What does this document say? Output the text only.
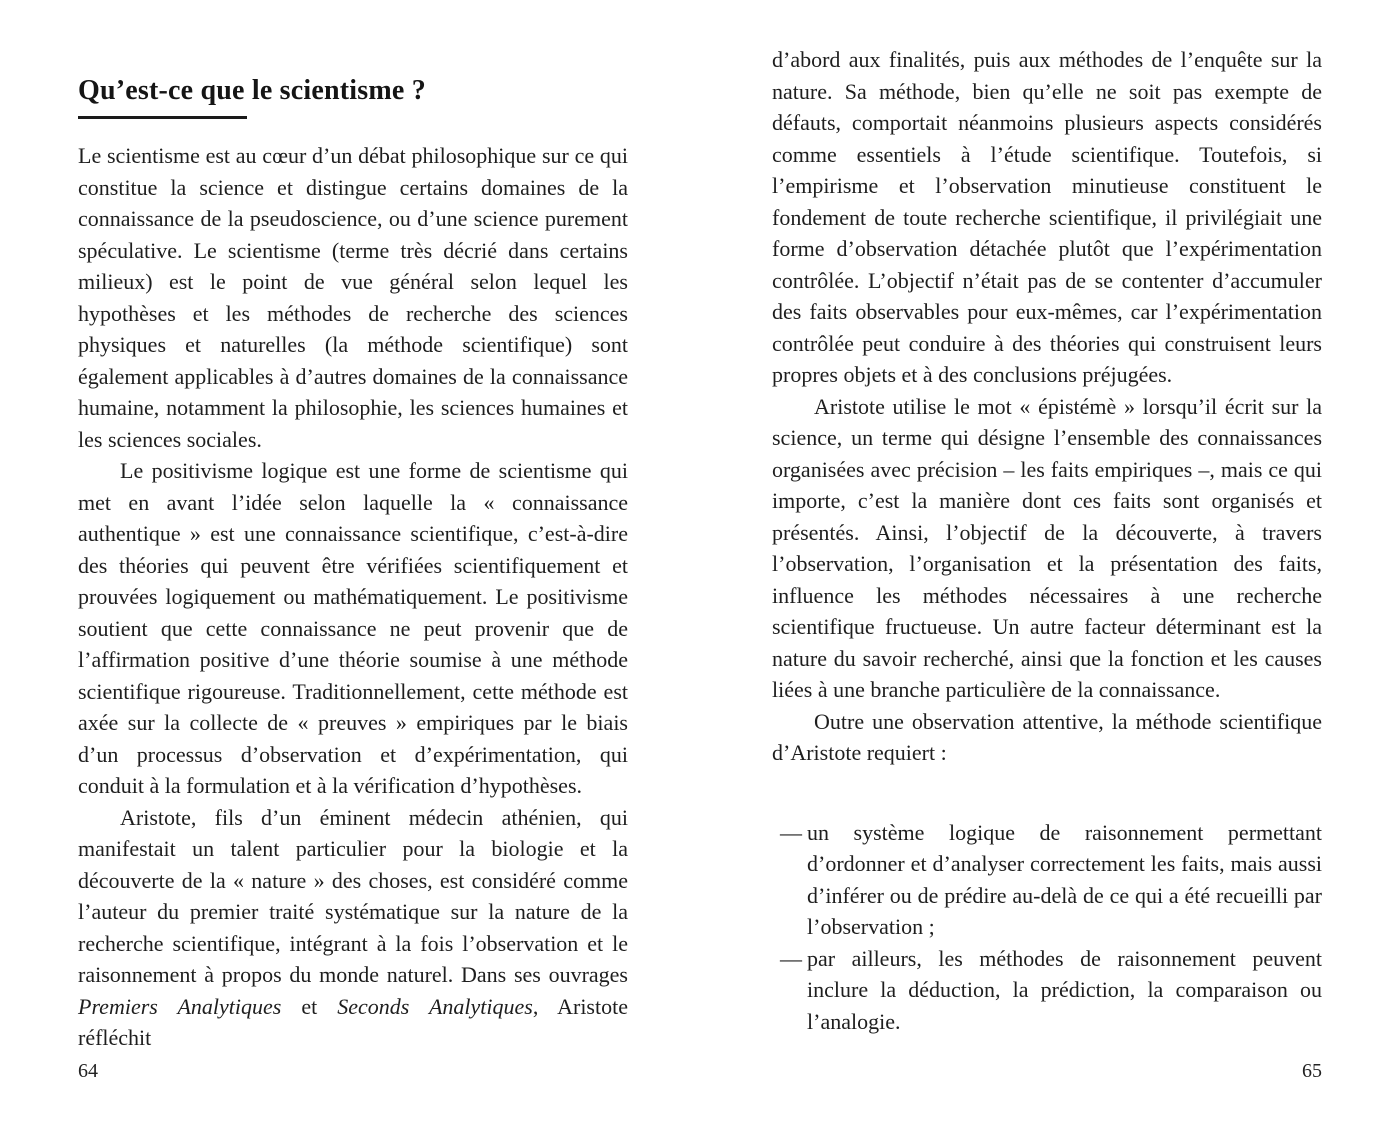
Qu’est-ce que le scientisme ?

Le scientisme est au cœur d’un débat philosophique sur ce qui constitue la science et distingue certains domaines de la connaissance de la pseudoscience, ou d’une science purement spéculative. Le scientisme (terme très décrié dans certains milieux) est le point de vue général selon lequel les hypothèses et les méthodes de recherche des sciences physiques et naturelles (la méthode scientifique) sont également applicables à d’autres domaines de la connaissance humaine, notamment la philosophie, les sciences humaines et les sciences sociales.

Le positivisme logique est une forme de scientisme qui met en avant l’idée selon laquelle la « connaissance authentique » est une connaissance scientifique, c’est-à-dire des théories qui peuvent être vérifiées scientifiquement et prouvées logiquement ou mathématiquement. Le positivisme soutient que cette connaissance ne peut provenir que de l’affirmation positive d’une théorie soumise à une méthode scientifique rigoureuse. Traditionnellement, cette méthode est axée sur la collecte de « preuves » empiriques par le biais d’un processus d’observation et d’expérimentation, qui conduit à la formulation et à la vérification d’hypothèses.

Aristote, fils d’un éminent médecin athénien, qui manifestait un talent particulier pour la biologie et la découverte de la « nature » des choses, est considéré comme l’auteur du premier traité systématique sur la nature de la recherche scientifique, intégrant à la fois l’observation et le raisonnement à propos du monde naturel. Dans ses ouvrages Premiers Analytiques et Seconds Analytiques, Aristote réfléchit

64

d’abord aux finalités, puis aux méthodes de l’enquête sur la nature. Sa méthode, bien qu’elle ne soit pas exempte de défauts, comportait néanmoins plusieurs aspects considérés comme essentiels à l’étude scientifique. Toutefois, si l’empirisme et l’observation minutieuse constituent le fondement de toute recherche scientifique, il privilégiait une forme d’observation détachée plutôt que l’expérimentation contrôlée. L’objectif n’était pas de se contenter d’accumuler des faits observables pour eux-mêmes, car l’expérimentation contrôlée peut conduire à des théories qui construisent leurs propres objets et à des conclusions préjugées.

Aristote utilise le mot « épistémè » lorsqu’il écrit sur la science, un terme qui désigne l’ensemble des connaissances organisées avec précision – les faits empiriques –, mais ce qui importe, c’est la manière dont ces faits sont organisés et présentés. Ainsi, l’objectif de la découverte, à travers l’observation, l’organisation et la présentation des faits, influence les méthodes nécessaires à une recherche scientifique fructueuse. Un autre facteur déterminant est la nature du savoir recherché, ainsi que la fonction et les causes liées à une branche particulière de la connaissance.

Outre une observation attentive, la méthode scientifique d’Aristote requiert :

— un système logique de raisonnement permettant d’ordonner et d’analyser correctement les faits, mais aussi d’inférer ou de prédire au-delà de ce qui a été recueilli par l’observation ;
— par ailleurs, les méthodes de raisonnement peuvent inclure la déduction, la prédiction, la comparaison ou l’analogie.
65
